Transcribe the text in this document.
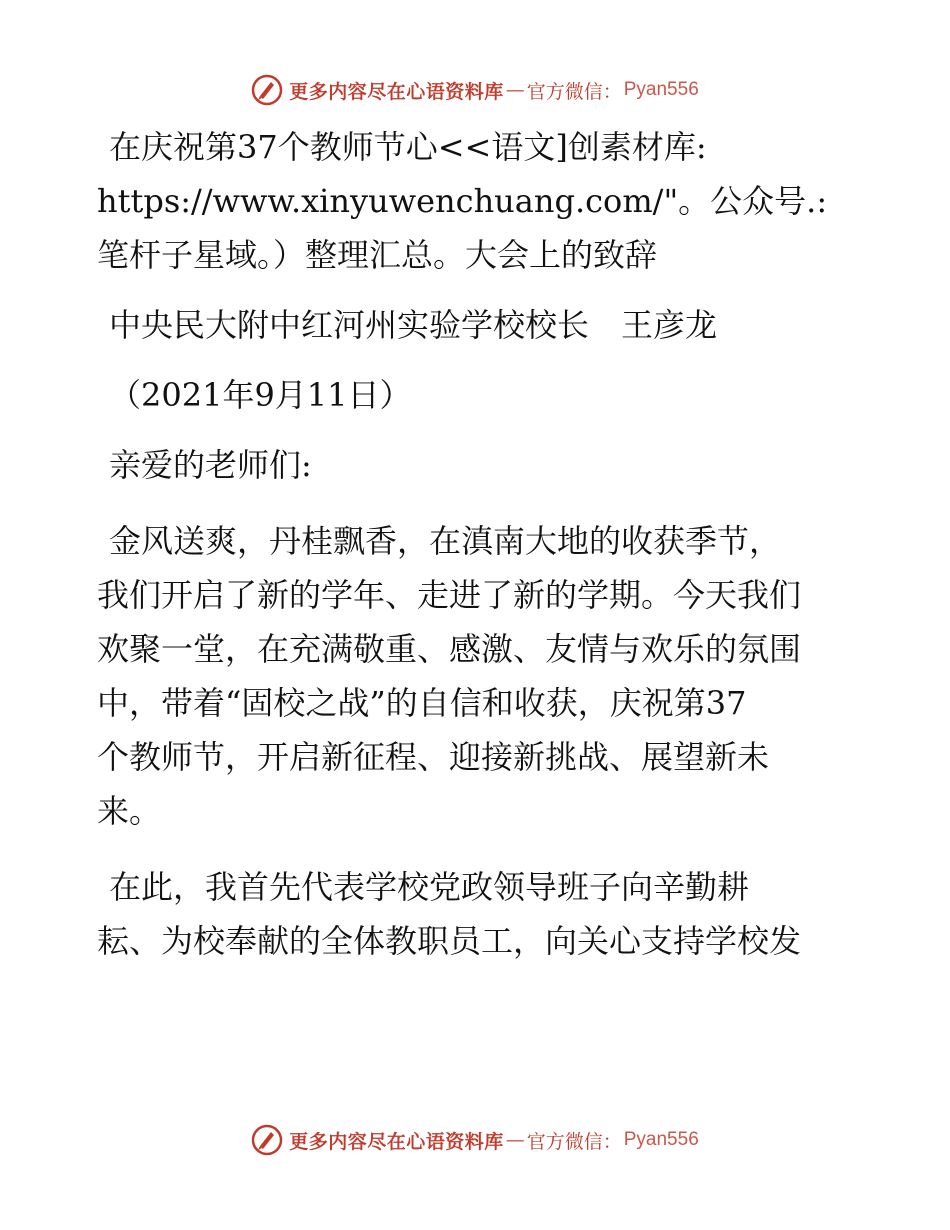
更多内容尽在心语资料库 — 官方微信： Pyan556
在庆祝第37个教师节心<<语文]创素材库:
https://www.xinyuwenchuang.com/"。公众号.:
笔杆子星域。）整理汇总。大会上的致辞
中央民大附中红河州实验学校校长　王彦龙
（2021年9月11日）
亲爱的老师们:
金风送爽，丹桂飘香，在滇南大地的收获季节，
我们开启了新的学年、走进了新的学期。今天我们
欢聚一堂，在充满敬重、感激、友情与欢乐的氛围
中，带着“固校之战”的自信和收获，庆祝第37
个教师节，开启新征程、迎接新挑战、展望新未
来。
在此，我首先代表学校党政领导班子向辛勤耕
耘、为校奉献的全体教职员工，向关心支持学校发
更多内容尽在心语资料库 — 官方微信： Pyan556
